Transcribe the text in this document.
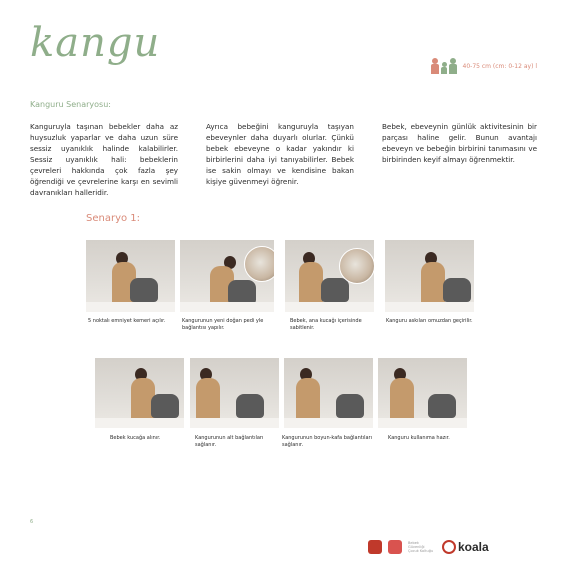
kangu	40-75 cm (cm: 0-12 ay) l
Kanguru Senaryosu:
Kanguruyla taşınan bebekler daha az huysuzluk yaparlar ve daha uzun süre sessiz uyanıklık halinde kalabilirler. Sessiz uyanıklık hali: bebeklerin çevreleri hakkında çok fazla şey öğrendiği ve çevrelerine karşı en sevimli davranıkları halleridir.
Ayrıca bebeğini kanguruyla taşıyan ebeveynler daha duyarlı olurlar. Çünkü bebek ebeveyne o kadar yakındır ki birbirlerini daha iyi tanıyabilirler. Bebek ise sakin olmayı ve kendisine bakan kişiye güvenmeyi öğrenir.
Bebek, ebeveynin günlük aktivitesinin bir parçası haline gelir. Bunun avantajı ebeveyn ve bebeğin birbirini tanımasını ve birbirinden keyif almayı öğrenmektir.
Senaryo 1:
5 noktalı emniyet kemeri açılır.	Kangurunun yeni doğan pedi yle bağlantısı yapılır.
Bebek, ana kucağı içerisinde sabitlenir.
Kanguru askıları omuzdan geçirilir.
Bebek kucağa alınır.	Kangurunun alt bağlantıları sağlanır.
Kangurunun boyun-kafa bağlantıları sağlanır.
Kanguru kullanıma hazır.
6
Bebek Güvenliği Çocuk Koltuğu koala
